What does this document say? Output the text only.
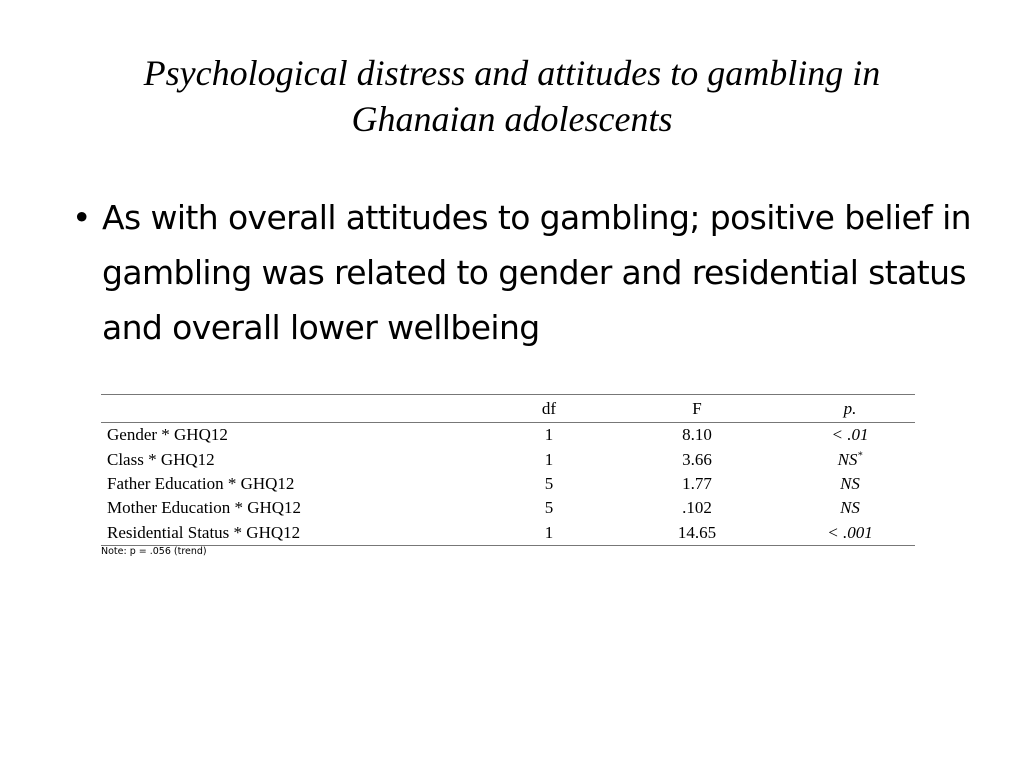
Psychological distress and attitudes to gambling in
Ghanaian adolescents
• As with overall attitudes to gambling; positive belief in gambling was related to gender and residential status and overall lower wellbeing
	df	F	p.
Gender * GHQ12	1	8.10	< .01
Class * GHQ12	1	3.66	NS*
Father Education * GHQ12	5	1.77	NS
Mother Education * GHQ12	5	.102	NS
Residential Status * GHQ12	1	14.65	< .001
Note: p = .056 (trend)
